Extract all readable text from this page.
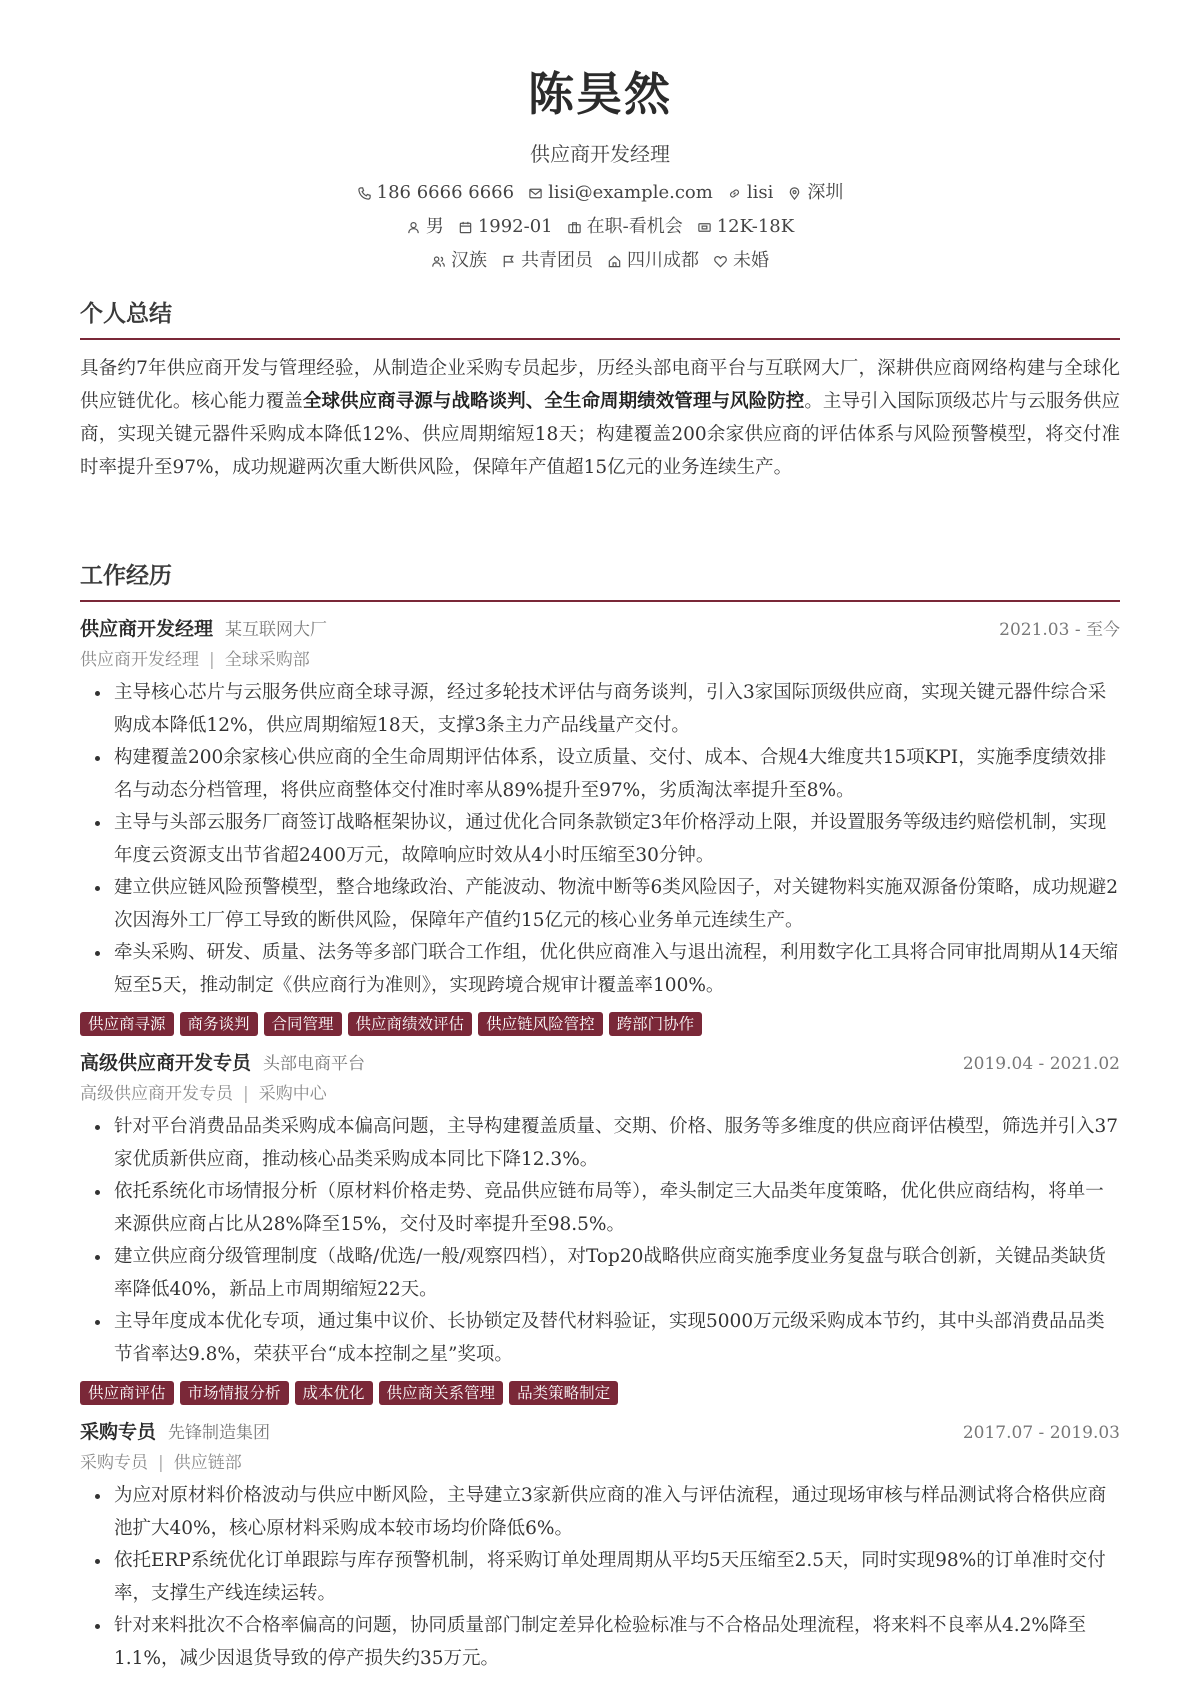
陈昊然
供应商开发经理
186 6666 6666 lisi@example.com lisi 深圳
男 1992-01 在职-看机会 12K-18K
汉族 共青团员 四川成都 未婚
个人总结
具备约7年供应商开发与管理经验，从制造企业采购专员起步，历经头部电商平台与互联网大厂，深耕供应商网络构建与全球化供应链优化。核心能力覆盖全球供应商寻源与战略谈判、全生命周期绩效管理与风险防控。主导引入国际顶级芯片与云服务供应商，实现关键元器件采购成本降低12%、供应周期缩短18天；构建覆盖200余家供应商的评估体系与风险预警模型，将交付准时率提升至97%，成功规避两次重大断供风险，保障年产值超15亿元的业务连续生产。
工作经历
供应商开发经理 某互联网大厂	2021.03 - 至今
供应商开发经理 | 全球采购部
• 主导核心芯片与云服务供应商全球寻源，经过多轮技术评估与商务谈判，引入3家国际顶级供应商，实现关键元器件综合采购成本降低12%，供应周期缩短18天，支撑3条主力产品线量产交付。
• 构建覆盖200余家核心供应商的全生命周期评估体系，设立质量、交付、成本、合规4大维度共15项KPI，实施季度绩效排名与动态分档管理，将供应商整体交付准时率从89%提升至97%，劣质淘汰率提升至8%。
• 主导与头部云服务厂商签订战略框架协议，通过优化合同条款锁定3年价格浮动上限，并设置服务等级违约赔偿机制，实现年度云资源支出节省超2400万元，故障响应时效从4小时压缩至30分钟。
• 建立供应链风险预警模型，整合地缘政治、产能波动、物流中断等6类风险因子，对关键物料实施双源备份策略，成功规避2次因海外工厂停工导致的断供风险，保障年产值约15亿元的核心业务单元连续生产。
• 牵头采购、研发、质量、法务等多部门联合工作组，优化供应商准入与退出流程，利用数字化工具将合同审批周期从14天缩短至5天，推动制定《供应商行为准则》，实现跨境合规审计覆盖率100%。
供应商寻源	商务谈判	合同管理	供应商绩效评估	供应链风险管控	跨部门协作
高级供应商开发专员 头部电商平台	2019.04 - 2021.02
高级供应商开发专员 | 采购中心
• 针对平台消费品品类采购成本偏高问题，主导构建覆盖质量、交期、价格、服务等多维度的供应商评估模型，筛选并引入37家优质新供应商，推动核心品类采购成本同比下降12.3%。
• 依托系统化市场情报分析（原材料价格走势、竞品供应链布局等），牵头制定三大品类年度策略，优化供应商结构，将单一来源供应商占比从28%降至15%，交付及时率提升至98.5%。
• 建立供应商分级管理制度（战略/优选/一般/观察四档），对Top20战略供应商实施季度业务复盘与联合创新，关键品类缺货率降低40%，新品上市周期缩短22天。
• 主导年度成本优化专项，通过集中议价、长协锁定及替代材料验证，实现5000万元级采购成本节约，其中头部消费品品类节省率达9.8%，荣获平台“成本控制之星”奖项。
供应商评估	市场情报分析	成本优化	供应商关系管理	品类策略制定
采购专员 先锋制造集团	2017.07 - 2019.03
采购专员 | 供应链部
• 为应对原材料价格波动与供应中断风险，主导建立3家新供应商的准入与评估流程，通过现场审核与样品测试将合格供应商池扩大40%，核心原材料采购成本较市场均价降低6%。
• 依托ERP系统优化订单跟踪与库存预警机制，将采购订单处理周期从平均5天压缩至2.5天，同时实现98%的订单准时交付率，支撑生产线连续运转。
• 针对来料批次不合格率偏高的问题，协同质量部门制定差异化检验标准与不合格品处理流程，将来料不良率从4.2%降至1.1%，减少因退货导致的停产损失约35万元。
